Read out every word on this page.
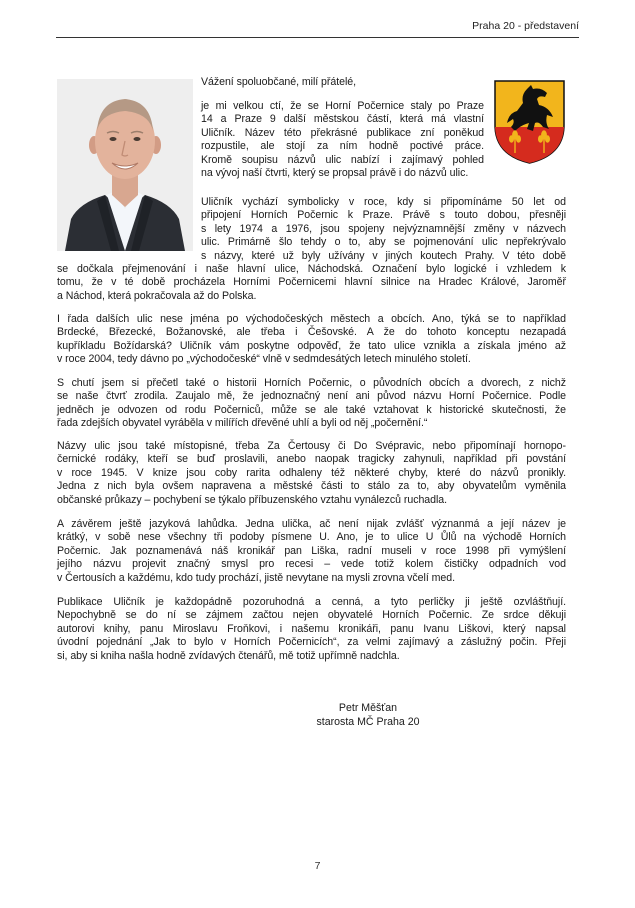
Praha 20 - představení

Vážení spoluobčané, milí přátelé,

je mi velkou ctí, že se Horní Počernice staly po Praze
14 a Praze 9 další městskou částí, která má vlastní
Uličník. Název této překrásné publikace zní poněkud
rozpustile, ale stojí za ním hodně poctivé práce.
Kromě soupisu názvů ulic nabízí i zajímavý pohled
na vývoj naší čtvrti, který se propsal právě i do názvů ulic.

Uličník vychází symbolicky v roce, kdy si připomínáme 50 let od
připojení Horních Počernic k Praze. Právě s touto dobou, přesněji
s lety 1974 a 1976, jsou spojeny nejvýznamnější změny v názvech
ulic. Primárně šlo tehdy o to, aby se pojmenování ulic nepřekrývalo
s názvy, které už byly užívány v jiných koutech Prahy. V této době

se dočkala přejmenování i naše hlavní ulice, Náchodská. Označení bylo logické i vzhledem k
tomu, že v té době procházela Horními Počernicemi hlavní silnice na Hradec Králové, Jaroměř
a Náchod, která pokračovala až do Polska.

I řada dalších ulic nese jména po východočeských městech a obcích. Ano, týká se to například
Brdecké, Březecké, Božanovské, ale třeba i Češovské. A že do tohoto konceptu nezapadá
kupříkladu Božídarská? Uličník vám poskytne odpověď, že tato ulice vznikla a získala jméno až
v roce 2004, tedy dávno po „východočeské“ vlně v sedmdesátých letech minulého století.

S chutí jsem si přečetl také o historii Horních Počernic, o původních obcích a dvorech, z nichž
se naše čtvrť zrodila. Zaujalo mě, že jednoznačný není ani původ názvu Horní Počernice. Podle
jedněch je odvozen od rodu Počerniců, může se ale také vztahovat k historické skutečnosti, že
řada zdejších obyvatel vyráběla v milířích dřevěné uhlí a byli od něj „počernění.“

Názvy ulic jsou také místopisné, třeba Za Čertousy či Do Svépravic, nebo připomínají hornopo-
černické rodáky, kteří se buď proslavili, anebo naopak tragicky zahynuli, například při povstání
v roce 1945. V knize jsou coby rarita odhaleny též některé chyby, které do názvů pronikly.
Jedna z nich byla ovšem napravena a městské části to stálo za to, aby obyvatelům vyměnila
občanské průkazy – pochybení se týkalo příbuzenského vztahu vynálezců ruchadla.

A závěrem ještě jazyková lahůdka. Jedna ulička, ač není nijak zvlášť význanmá a její název je
krátký, v sobě nese všechny tři podoby písmene U. Ano, je to ulice U Ůlů na východě Horních
Počernic. Jak poznamenává náš kronikář pan Liška, radní museli v roce 1998 při vymýšlení
jejího názvu projevit značný smysl pro recesi – vede totiž kolem čističky odpadních vod
v Čertousích a každému, kdo tudy prochází, jistě nevytane na mysli zrovna včelí med.

Publikace Uličník je každopádně pozoruhodná a cenná, a tyto perličky ji ještě ozvláštňují.
Nepochybně se do ní se zájmem začtou nejen obyvatelé Horních Počernic. Ze srdce děkuji
autorovi knihy, panu Miroslavu Froňkovi, i našemu kronikáři, panu Ivanu Liškovi, který napsal
úvodní pojednání „Jak to bylo v Horních Počernicích“, za velmi zajímavý a záslužný počin. Přeji
si, aby si kniha našla hodně zvídavých čtenářů, mě totiž upřímně nadchla.

Petr Měšťan
starosta MČ Praha 20
7
